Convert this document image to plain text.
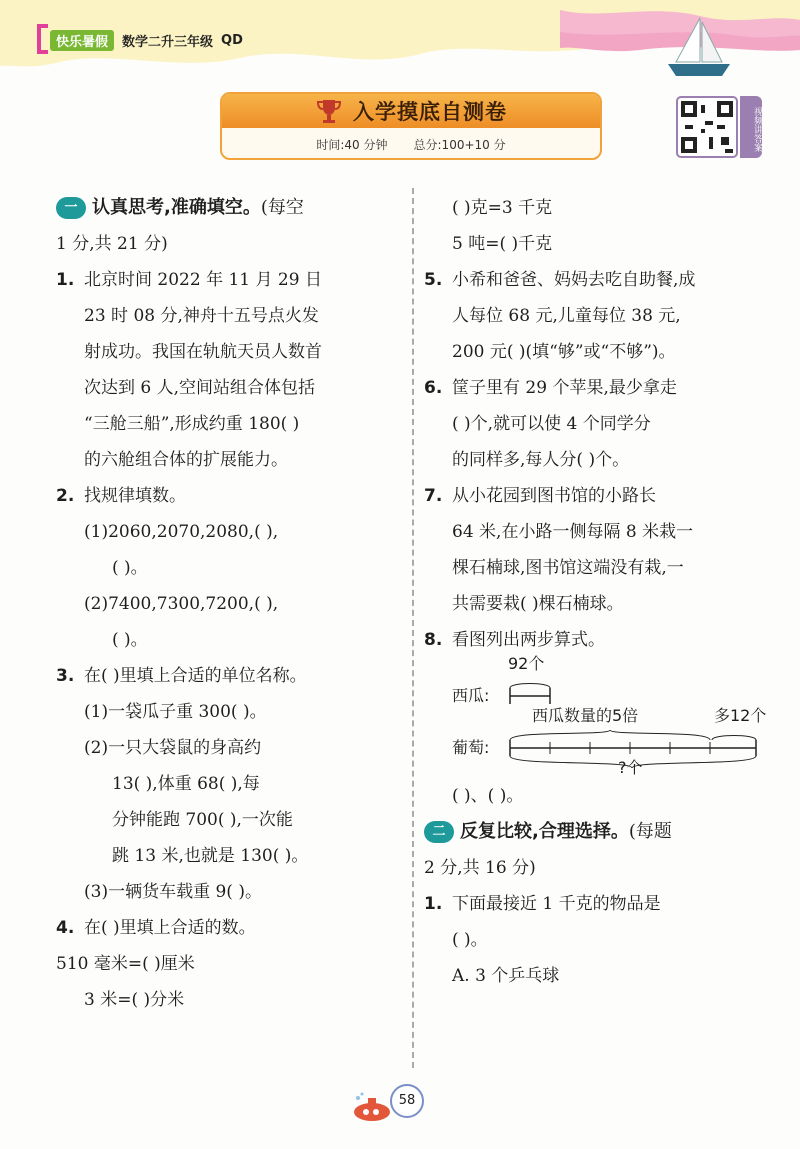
快乐暑假	数学二升三年级 QD
入学摸底自测卷
时间:40 分钟 总分:100+10 分	视频讲答案
一 认真思考,准确填空。(每空
1 分,共 21 分)
1. 北京时间 2022 年 11 月 29 日
23 时 08 分,神舟十五号点火发
射成功。我国在轨航天员人数首
次达到 6 人,空间站组合体包括
“三舱三船”,形成约重 180( )
的六舱组合体的扩展能力。
2. 找规律填数。
(1)2060,2070,2080,( ),
( )。
(2)7400,7300,7200,( ),
( )。
3. 在( )里填上合适的单位名称。
(1)一袋瓜子重 300( )。
(2)一只大袋鼠的身高约
13( ),体重 68( ),每
分钟能跑 700( ),一次能
跳 13 米,也就是 130( )。
(3)一辆货车载重 9( )。
4. 在( )里填上合适的数。
510 毫米=( )厘米
3 米=( )分米
( )克=3 千克
5 吨=( )千克
5. 小希和爸爸、妈妈去吃自助餐,成
人每位 68 元,儿童每位 38 元,
200 元( )(填“够”或“不够”)。
6. 筐子里有 29 个苹果,最少拿走
( )个,就可以使 4 个同学分
的同样多,每人分( )个。
7. 从小花园到图书馆的小路长
64 米,在小路一侧每隔 8 米栽一
棵石楠球,图书馆这端没有栽,一
共需要栽( )棵石楠球。
8. 看图列出两步算式。
92个
西瓜:
西瓜数量的5倍	多12个
葡萄:
?个
( )、( )。
二 反复比较,合理选择。(每题
2 分,共 16 分)
1. 下面最接近 1 千克的物品是
( )。
A. 3 个乒乓球
58
